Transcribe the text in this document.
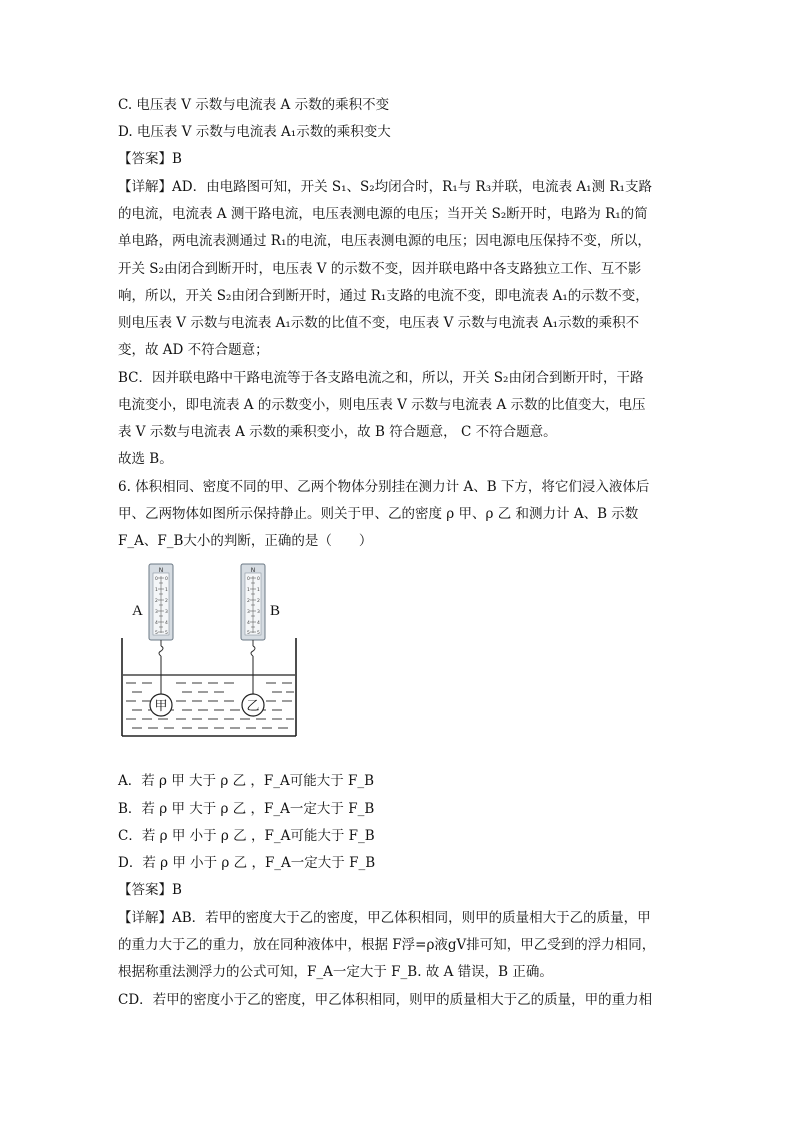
C. 电压表 V 示数与电流表 A 示数的乘积不变
D. 电压表 V 示数与电流表 A₁示数的乘积变大
【答案】B
【详解】AD．由电路图可知，开关 S₁、S₂均闭合时，R₁与 R₃并联，电流表 A₁测 R₁支路
的电流，电流表 A 测干路电流，电压表测电源的电压；当开关 S₂断开时，电路为 R₁的简
单电路，两电流表测通过 R₁的电流，电压表测电源的电压；因电源电压保持不变，所以，
开关 S₂由闭合到断开时，电压表 V 的示数不变，因并联电路中各支路独立工作、互不影
响，所以，开关 S₂由闭合到断开时，通过 R₁支路的电流不变，即电流表 A₁的示数不变，
则电压表 V 示数与电流表 A₁示数的比值不变，电压表 V 示数与电流表 A₁示数的乘积不
变，故 AD 不符合题意；
BC．因并联电路中干路电流等于各支路电流之和，所以，开关 S₂由闭合到断开时，干路
电流变小，即电流表 A 的示数变小，则电压表 V 示数与电流表 A 示数的比值变大，电压
表 V 示数与电流表 A 示数的乘积变小，故 B 符合题意， C 不符合题意。
故选 B。
6. 体积相同、密度不同的甲、乙两个物体分别挂在测力计 A、B 下方，将它们浸入液体后
甲、乙两物体如图所示保持静止。则关于甲、乙的密度 ρ 甲、ρ 乙 和测力计 A、B 示数
F_A、F_B大小的判断，正确的是（　　）
N
0
1
2
3
4
5
0
1
2
3
4
5
A
N
0
1
2
3
4
5
0
1
2
3
4
5
B
甲	乙
A．若 ρ 甲 大于 ρ 乙 ，F_A可能大于 F_B
B．若 ρ 甲 大于 ρ 乙 ，F_A一定大于 F_B
C．若 ρ 甲 小于 ρ 乙 ，F_A可能大于 F_B
D．若 ρ 甲 小于 ρ 乙 ，F_A一定大于 F_B
【答案】B
【详解】AB．若甲的密度大于乙的密度，甲乙体积相同，则甲的质量相大于乙的质量，甲
的重力大于乙的重力，放在同种液体中，根据 F浮=ρ液gV排可知，甲乙受到的浮力相同，
根据称重法测浮力的公式可知，F_A一定大于 F_B. 故 A 错误，B 正确。
CD．若甲的密度小于乙的密度，甲乙体积相同，则甲的质量相大于乙的质量，甲的重力相
